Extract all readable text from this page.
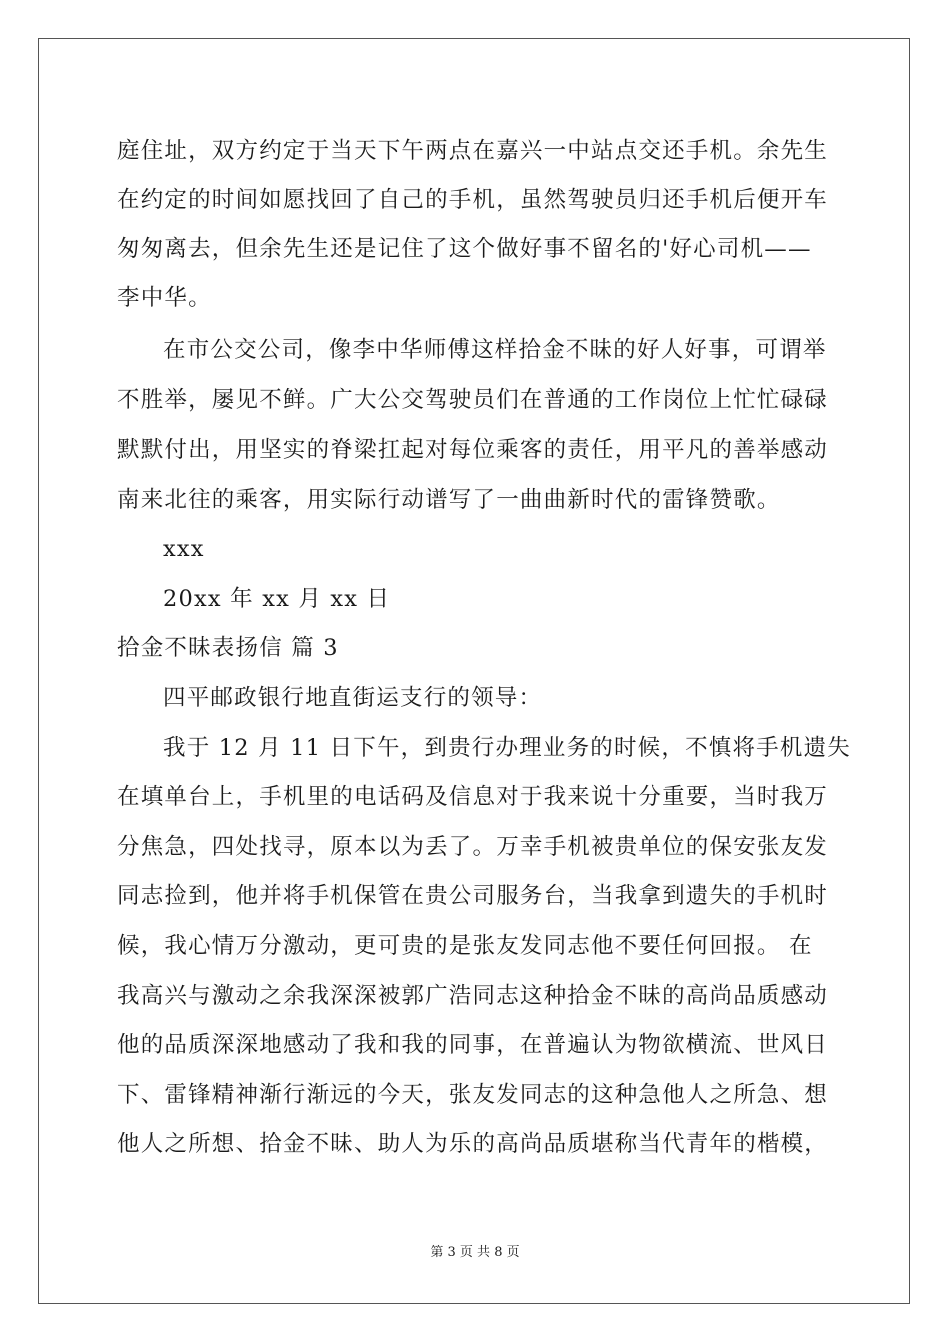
庭住址，双方约定于当天下午两点在嘉兴一中站点交还手机。余先生
在约定的时间如愿找回了自己的手机，虽然驾驶员归还手机后便开车
匆匆离去，但余先生还是记住了这个做好事不留名的'好心司机——
李中华。
在市公交公司，像李中华师傅这样拾金不昧的好人好事，可谓举
不胜举，屡见不鲜。广大公交驾驶员们在普通的工作岗位上忙忙碌碌
默默付出，用坚实的脊梁扛起对每位乘客的责任，用平凡的善举感动
南来北往的乘客，用实际行动谱写了一曲曲新时代的雷锋赞歌。
xxx
20xx 年 xx 月 xx 日
拾金不昧表扬信 篇 3
四平邮政银行地直街运支行的领导：
我于 12 月 11 日下午，到贵行办理业务的时候，不慎将手机遗失
在填单台上，手机里的电话码及信息对于我来说十分重要，当时我万
分焦急，四处找寻，原本以为丢了。万幸手机被贵单位的保安张友发
同志捡到，他并将手机保管在贵公司服务台，当我拿到遗失的手机时
候，我心情万分激动，更可贵的是张友发同志他不要任何回报。 在
我高兴与激动之余我深深被郭广浩同志这种拾金不昧的高尚品质感动
他的品质深深地感动了我和我的同事，在普遍认为物欲横流、世风日
下、雷锋精神渐行渐远的今天，张友发同志的这种急他人之所急、想
他人之所想、拾金不昧、助人为乐的高尚品质堪称当代青年的楷模，
第 3 页 共 8 页
